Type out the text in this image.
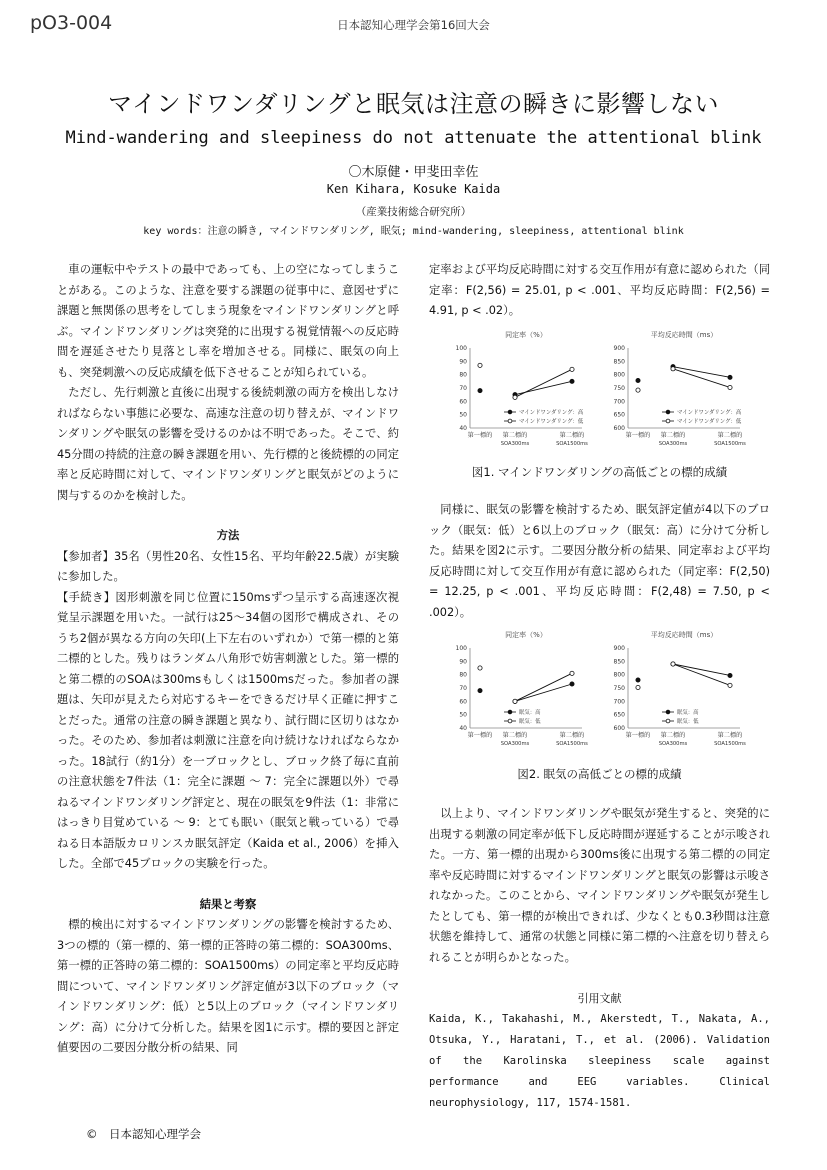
pO3-004	日本認知心理学会第16回大会
マインドワンダリングと眠気は注意の瞬きに影響しない
Mind-wandering and sleepiness do not attenuate the attentional blink
〇木原健・甲斐田幸佐
Ken Kihara, Kosuke Kaida
（産業技術総合研究所）
key words：注意の瞬き, マインドワンダリング, 眠気; mind-wandering, sleepiness, attentional blink

車の運転中やテストの最中であっても、上の空になってしまうことがある。このような、注意を要する課題の従事中に、意図せずに課題と無関係の思考をしてしまう現象をマインドワンダリングと呼ぶ。マインドワンダリングは突発的に出現する視覚情報への反応時間を遅延させたり見落とし率を増加させる。同様に、眠気の向上も、突発刺激への反応成績を低下させることが知られている。

ただし、先行刺激と直後に出現する後続刺激の両方を検出しなければならない事態に必要な、高速な注意の切り替えが、マインドワンダリングや眠気の影響を受けるのかは不明であった。そこで、約45分間の持続的注意の瞬き課題を用い、先行標的と後続標的の同定率と反応時間に対して、マインドワンダリングと眠気がどのように関与するのかを検討した。

方法

【参加者】35名（男性20名、女性15名、平均年齢22.5歳）が実験に参加した。

【手続き】図形刺激を同じ位置に150msずつ呈示する高速逐次視覚呈示課題を用いた。一試行は25～34個の図形で構成され、そのうち2個が異なる方向の矢印(上下左右のいずれか）で第一標的と第二標的とした。残りはランダム八角形で妨害刺激とした。第一標的と第二標的のSOAは300msもしくは1500msだった。参加者の課題は、矢印が見えたら対応するキーをできるだけ早く正確に押すことだった。通常の注意の瞬き課題と異なり、試行間に区切りはなかった。そのため、参加者は刺激に注意を向け続けなければならなかった。18試行（約1分）を一ブロックとし、ブロック終了毎に直前の注意状態を7件法（1：完全に課題 ～ 7：完全に課題以外）で尋ねるマインドワンダリング評定と、現在の眠気を9件法（1：非常にはっきり目覚めている ～ 9：とても眠い（眠気と戦っている）で尋ねる日本語版カロリンスカ眠気評定（Kaida et al., 2006）を挿入した。全部で45ブロックの実験を行った。

結果と考察

標的検出に対するマインドワンダリングの影響を検討するため、3つの標的（第一標的、第一標的正答時の第二標的：SOA300ms、第一標的正答時の第二標的：SOA1500ms）の同定率と平均反応時間について、マインドワンダリング評定値が3以下のブロック（マインドワンダリング：低）と5以上のブロック（マインドワンダリング：高）に分けて分析した。結果を図1に示す。標的要因と評定値要因の二要因分散分析の結果、同

定率および平均反応時間に対する交互作用が有意に認められた（同定率：F(2,56) = 25.01, p < .001、平均反応時間：F(2,56) = 4.91, p < .02）。

同定率（%）
40
50
60
70
80
90
100
第一標的 第二標的
SOA300ms
第二標的
SOA1500ms
マインドワンダリング：高
マインドワンダリング：低
平均反応時間（ms）
600
650
700
750
800
850
900
第一標的 第二標的
SOA300ms
第二標的
SOA1500ms
マインドワンダリング：高
マインドワンダリング：低
図1. マインドワンダリングの高低ごとの標的成績

同様に、眠気の影響を検討するため、眠気評定値が4以下のブロック（眠気：低）と6以上のブロック（眠気：高）に分けて分析した。結果を図2に示す。二要因分散分析の結果、同定率および平均反応時間に対して交互作用が有意に認められた（同定率：F(2,50) = 12.25, p < .001、平均反応時間：F(2,48) = 7.50, p < .002）。

同定率（%）
40
50
60
70
80
90
100
第一標的 第二標的
SOA300ms
第二標的
SOA1500ms
眠気：高
眠気：低
平均反応時間（ms）
600
650
700
750
800
850
900
第一標的 第二標的
SOA300ms
第二標的
SOA1500ms
眠気：高
眠気：低
図2. 眠気の高低ごとの標的成績

以上より、マインドワンダリングや眠気が発生すると、突発的に出現する刺激の同定率が低下し反応時間が遅延することが示唆された。一方、第一標的出現から300ms後に出現する第二標的の同定率や反応時間に対するマインドワンダリングと眠気の影響は示唆されなかった。このことから、マインドワンダリングや眠気が発生したとしても、第一標的が検出できれば、少なくとも0.3秒間は注意状態を維持して、通常の状態と同様に第二標的へ注意を切り替えられることが明らかとなった。

引用文献
Kaida, K., Takahashi, M., Akerstedt, T., Nakata, A., Otsuka, Y., Haratani, T., et al. (2006). Validation of the Karolinska sleepiness scale against performance and EEG variables. Clinical neurophysiology, 117, 1574-1581.
©　日本認知心理学会
